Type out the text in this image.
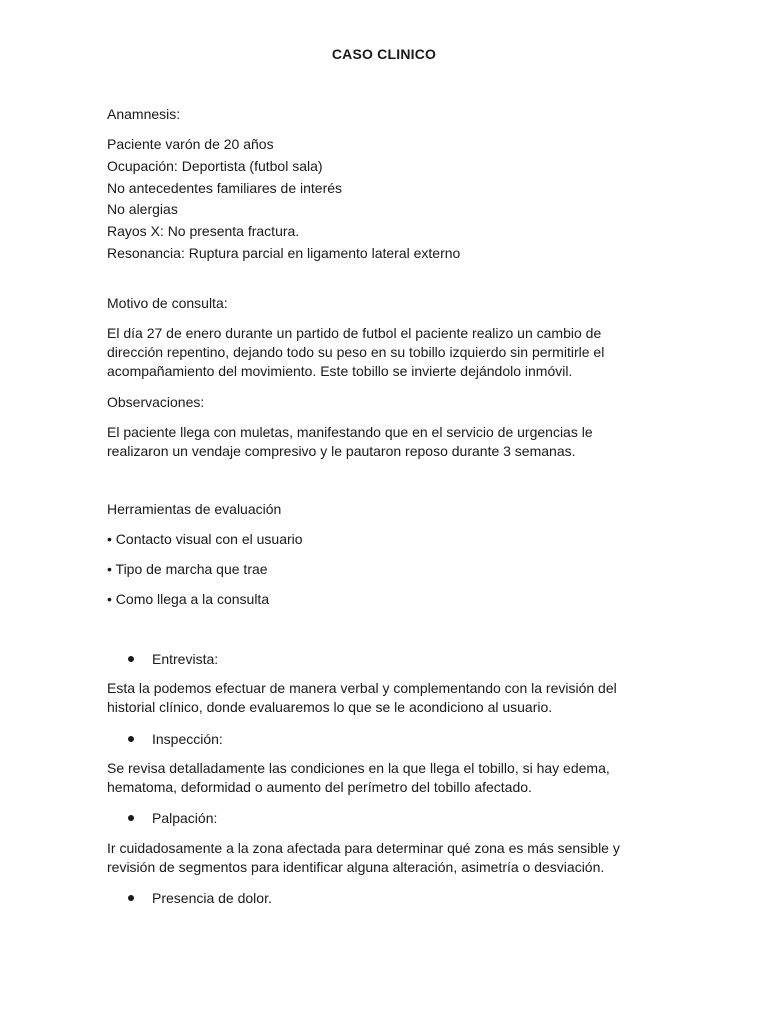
CASO CLINICO
Anamnesis:
Paciente varón de 20 años
Ocupación: Deportista (futbol sala)
No antecedentes familiares de interés
No alergias
Rayos X: No presenta fractura.
Resonancia: Ruptura parcial en ligamento lateral externo
Motivo de consulta:
El día 27 de enero durante un partido de futbol el paciente realizo un cambio de
dirección repentino, dejando todo su peso en su tobillo izquierdo sin permitirle el
acompañamiento del movimiento. Este tobillo se invierte dejándolo inmóvil.
Observaciones:
El paciente llega con muletas, manifestando que en el servicio de urgencias le
realizaron un vendaje compresivo y le pautaron reposo durante 3 semanas.
Herramientas de evaluación
• Contacto visual con el usuario
• Tipo de marcha que trae
• Como llega a la consulta
Entrevista:
Esta la podemos efectuar de manera verbal y complementando con la revisión del
historial clínico, donde evaluaremos lo que se le acondiciono al usuario.
Inspección:
Se revisa detalladamente las condiciones en la que llega el tobillo, si hay edema,
hematoma, deformidad o aumento del perímetro del tobillo afectado.
Palpación:
Ir cuidadosamente a la zona afectada para determinar qué zona es más sensible y
revisión de segmentos para identificar alguna alteración, asimetría o desviación.
Presencia de dolor.
